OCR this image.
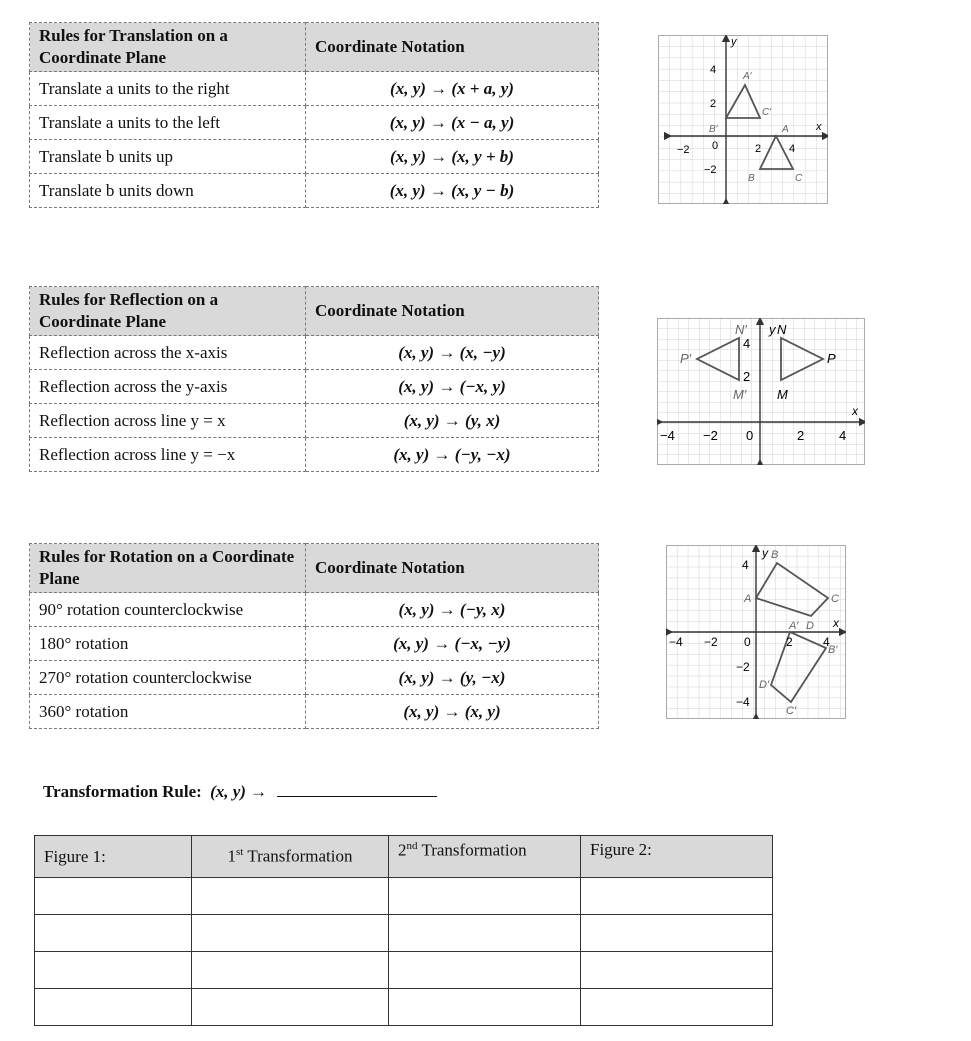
Rules for Translation on a Coordinate Plane	Coordinate Notation
Translate a units to the right	(x, y) → (x + a, y)
Translate a units to the left	(x, y) → (x − a, y)
Translate b units up	(x, y) → (x, y + b)
Translate b units down	(x, y) → (x, y − b)
Rules for Reflection on a Coordinate Plane	Coordinate Notation
Reflection across the x-axis	(x, y) → (x, −y)
Reflection across the y-axis	(x, y) → (−x, y)
Reflection across line y = x	(x, y) → (y, x)
Reflection across line y = −x	(x, y) → (−y, −x)
Rules for Rotation on a Coordinate Plane	Coordinate Notation
90° rotation counterclockwise	(x, y) → (−y, x)
180° rotation	(x, y) → (−x, −y)
270° rotation counterclockwise	(x, y) → (y, −x)
360° rotation	(x, y) → (x, y)
y
x
4
2
0
−2
−2	2	4
A′
B′
C′
A
B	C
y
x
4
2
0
−4 −2	2	4
N
M
P
N′
M′
P′
y
x
4
0
−2
−4
−4 −2	2	4
A
B
C
D
A′
B′
C′
D′
Transformation Rule: (x, y) →
Figure 1:	1st Transformation	2nd Transformation	Figure 2:
